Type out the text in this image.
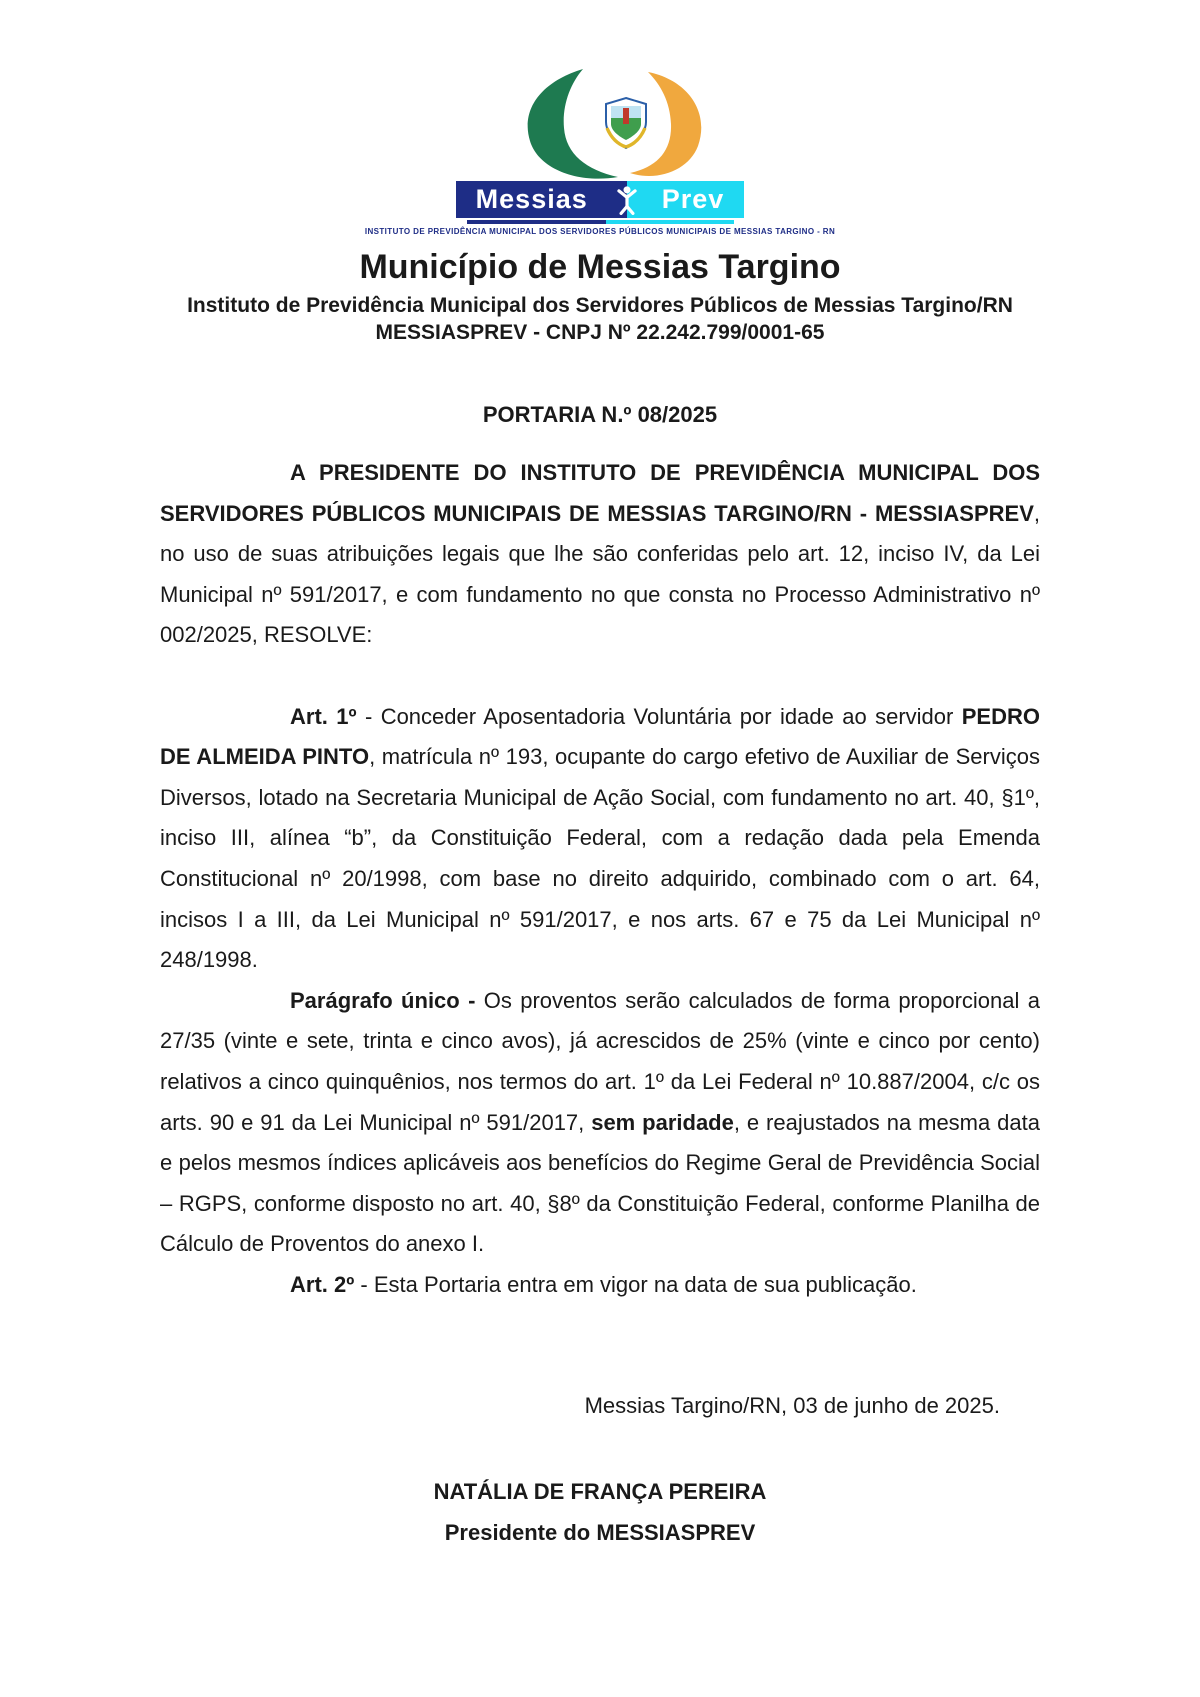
Messias	Prev
INSTITUTO DE PREVIDÊNCIA MUNICIPAL DOS SERVIDORES PÚBLICOS MUNICIPAIS DE MESSIAS TARGINO - RN
Município de Messias Targino
Instituto de Previdência Municipal dos Servidores Públicos de Messias Targino/RN
MESSIASPREV - CNPJ Nº 22.242.799/0001-65
PORTARIA N.º 08/2025

A PRESIDENTE DO INSTITUTO DE PREVIDÊNCIA MUNICIPAL DOS SERVIDORES PÚBLICOS MUNICIPAIS DE MESSIAS TARGINO/RN - MESSIASPREV, no uso de suas atribuições legais que lhe são conferidas pelo art. 12, inciso IV, da Lei Municipal nº 591/2017, e com fundamento no que consta no Processo Administrativo nº 002/2025, RESOLVE:

Art. 1º - Conceder Aposentadoria Voluntária por idade ao servidor PEDRO DE ALMEIDA PINTO, matrícula nº 193, ocupante do cargo efetivo de Auxiliar de Serviços Diversos, lotado na Secretaria Municipal de Ação Social, com fundamento no art. 40, §1º, inciso III, alínea “b”, da Constituição Federal, com a redação dada pela Emenda Constitucional nº 20/1998, com base no direito adquirido, combinado com o art. 64, incisos I a III, da Lei Municipal nº 591/2017, e nos arts. 67 e 75 da Lei Municipal nº 248/1998.

Parágrafo único - Os proventos serão calculados de forma proporcional a 27/35 (vinte e sete, trinta e cinco avos), já acrescidos de 25% (vinte e cinco por cento) relativos a cinco quinquênios, nos termos do art. 1º da Lei Federal nº 10.887/2004, c/c os arts. 90 e 91 da Lei Municipal nº 591/2017, sem paridade, e reajustados na mesma data e pelos mesmos índices aplicáveis aos benefícios do Regime Geral de Previdência Social – RGPS, conforme disposto no art. 40, §8º da Constituição Federal, conforme Planilha de Cálculo de Proventos do anexo I.

Art. 2º - Esta Portaria entra em vigor na data de sua publicação.

Messias Targino/RN, 03 de junho de 2025.
NATÁLIA DE FRANÇA PEREIRA
Presidente do MESSIASPREV
